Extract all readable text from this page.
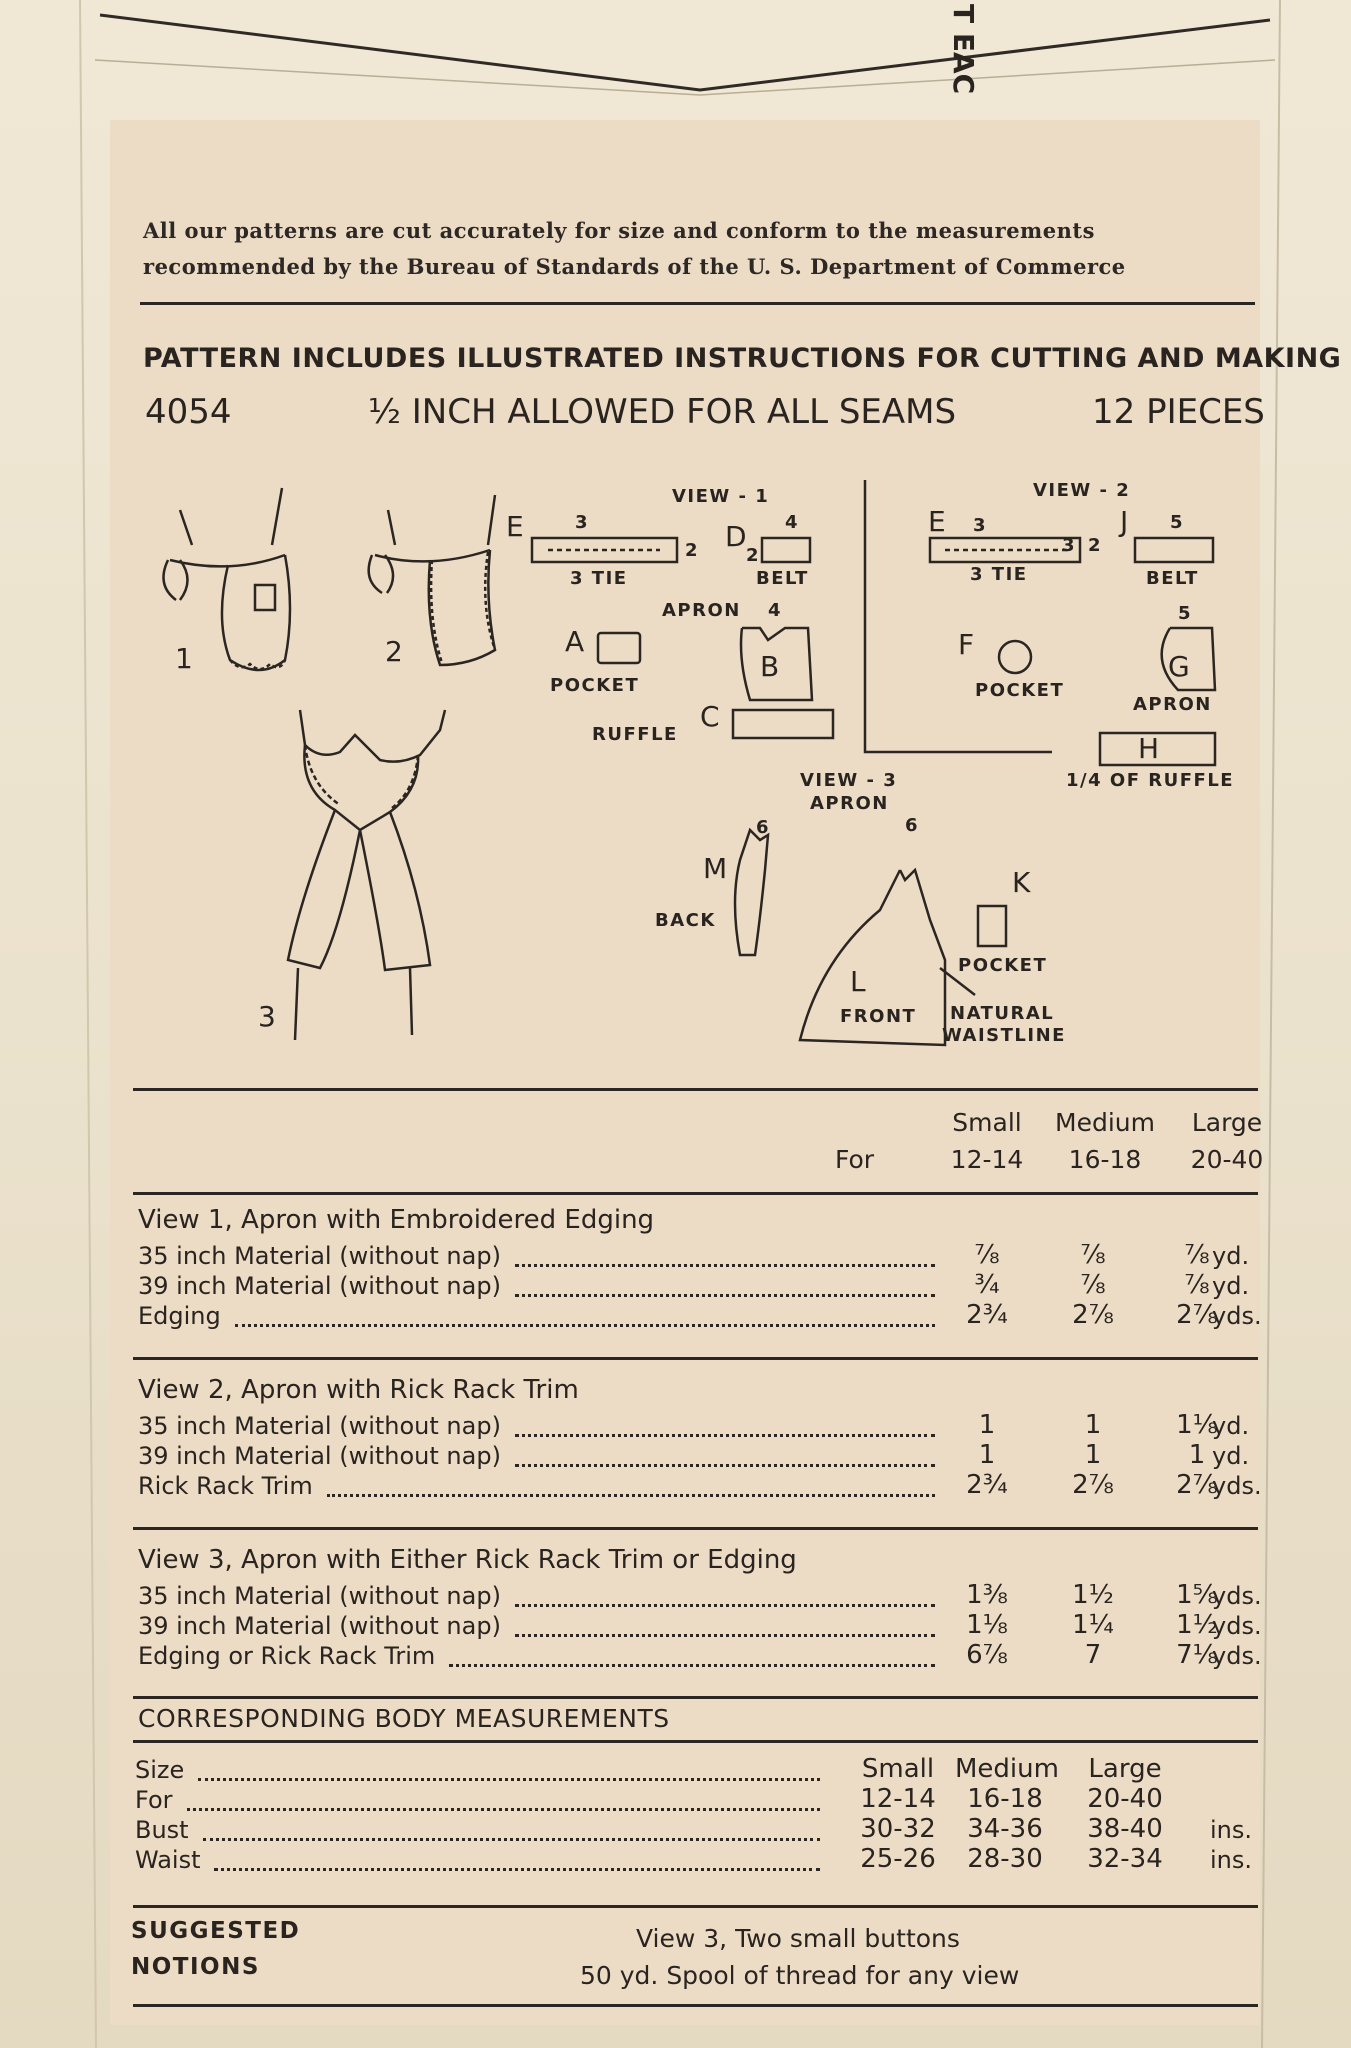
T EAC
All our patterns are cut accurately for size and conform to the measurements
recommended by the Bureau of Standards of the U. S. Department of Commerce
PATTERN INCLUDES ILLUSTRATED INSTRUCTIONS FOR CUTTING AND MAKING
4054	½ INCH ALLOWED FOR ALL SEAMS	12 PIECES
1	2
3
VIEW - 1
E	3
2
3 TIE
D 4
2
BELT
APRON 4
B
A
POCKET
C
RUFFLE
VIEW - 2
E 3
3 2
3 TIE
J 5
BELT
F
POCKET
5
G
APRON
H
1/4 OF RUFFLE
VIEW - 3
APRON
6
M
BACK
6
L
FRONT
K
POCKET
NATURAL
WAISTLINE
Small	Medium	Large
For	12-14	16-18	20-40
View 1, Apron with Embroidered Edging
35 inch Material (without nap)	⅞	⅞	⅞ yd.
39 inch Material (without nap)	¾	⅞	⅞ yd.
Edging	2¾	2⅞	2⅞
yds.
View 2, Apron with Rick Rack Trim
35 inch Material (without nap)	1	1	1⅛
yd.
39 inch Material (without nap)	1	1	1 yd.
Rick Rack Trim	2¾	2⅞	2⅞
yds.
View 3, Apron with Either Rick Rack Trim or Edging
35 inch Material (without nap)	1⅜	1½	1⅝
yds.
39 inch Material (without nap)	1⅛	1¼	1½
yds.
Edging or Rick Rack Trim	6⅞	7	7⅛
yds.
CORRESPONDING BODY MEASUREMENTS
Size	Small Medium	Large
For	12-14	16-18	20-40
Bust	30-32	34-36	38-40	ins.
Waist	25-26	28-30	32-34	ins.
SUGGESTED
NOTIONS
View 3, Two small buttons
50 yd. Spool of thread for any view
